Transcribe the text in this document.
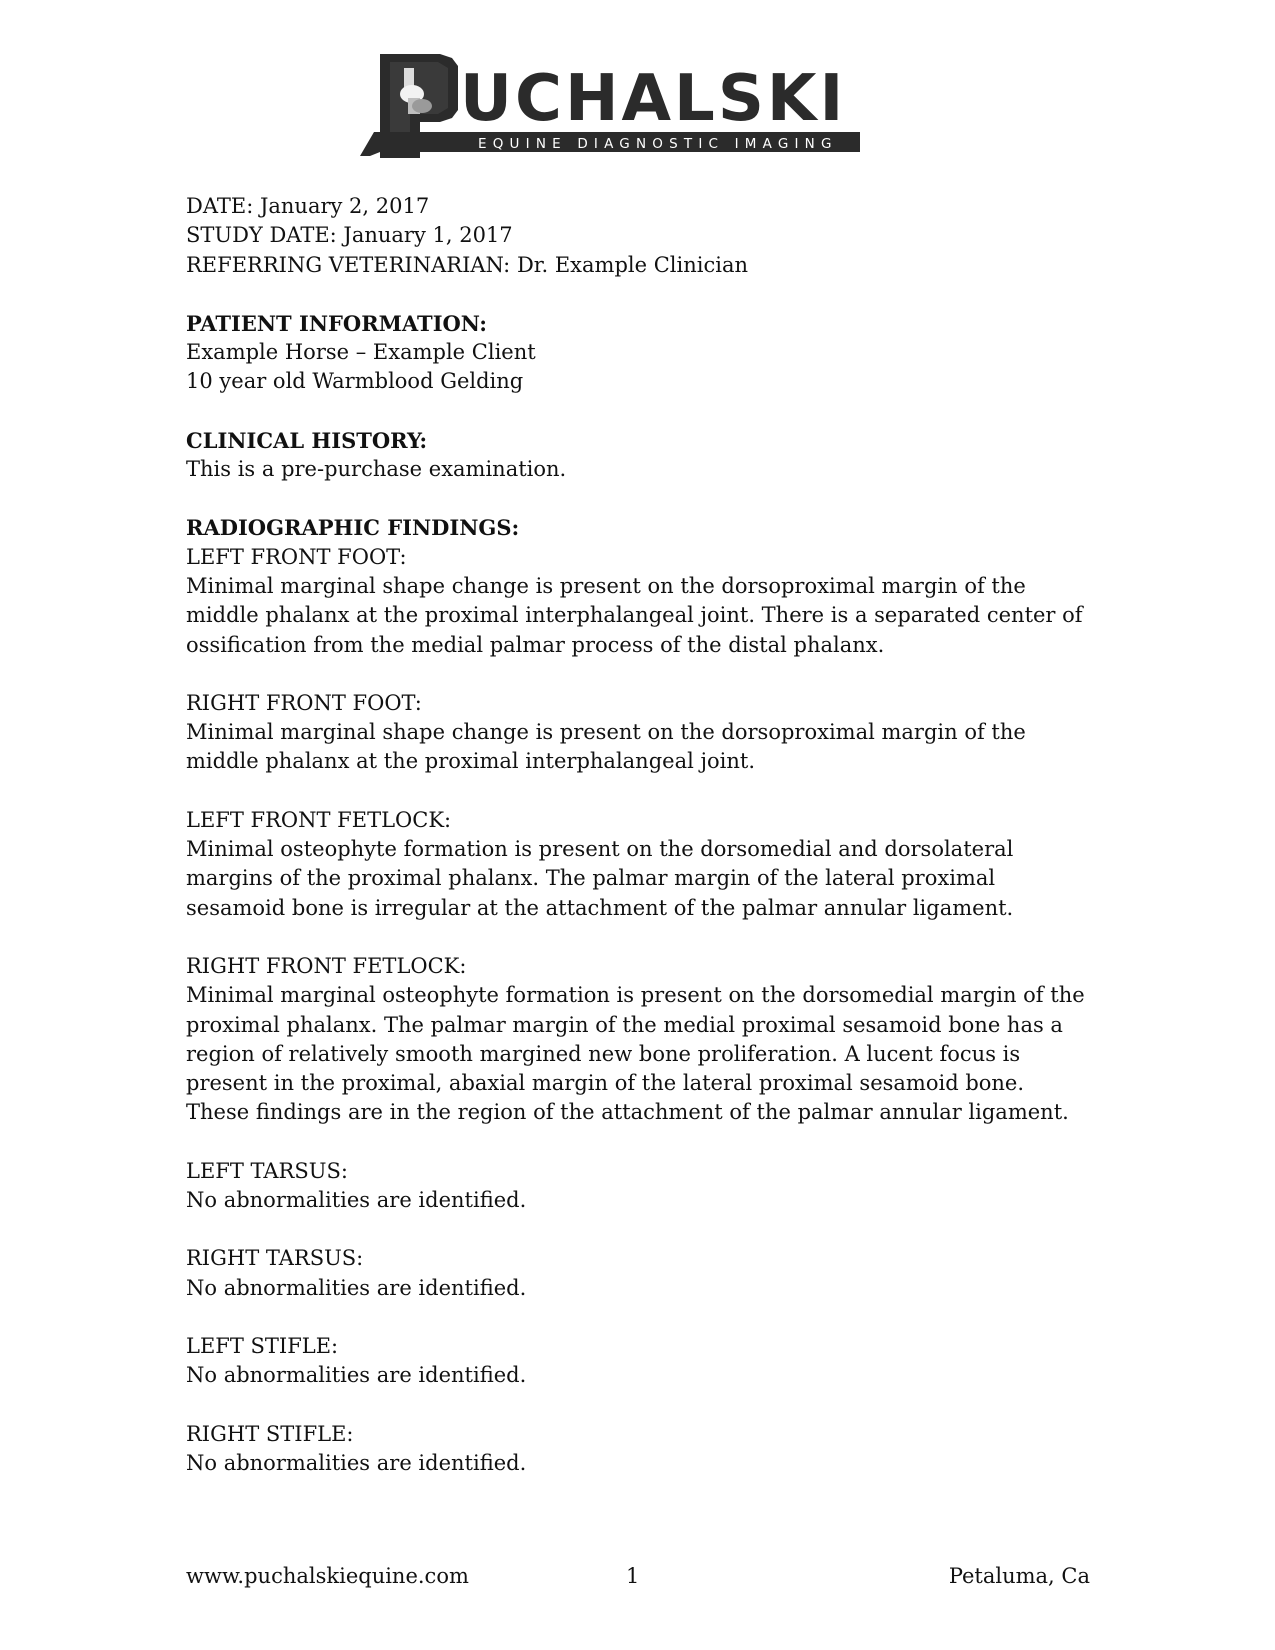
UCHALSKI
EQUINE DIAGNOSTIC IMAGING
DATE: January 2, 2017
STUDY DATE: January 1, 2017
REFERRING VETERINARIAN: Dr. Example Clinician
PATIENT INFORMATION:
Example Horse – Example Client
10 year old Warmblood Gelding
CLINICAL HISTORY:
This is a pre-purchase examination.
RADIOGRAPHIC FINDINGS:
LEFT FRONT FOOT:
Minimal marginal shape change is present on the dorsoproximal margin of the
middle phalanx at the proximal interphalangeal joint. There is a separated center of
ossification from the medial palmar process of the distal phalanx.
RIGHT FRONT FOOT:
Minimal marginal shape change is present on the dorsoproximal margin of the
middle phalanx at the proximal interphalangeal joint.
LEFT FRONT FETLOCK:
Minimal osteophyte formation is present on the dorsomedial and dorsolateral
margins of the proximal phalanx. The palmar margin of the lateral proximal
sesamoid bone is irregular at the attachment of the palmar annular ligament.
RIGHT FRONT FETLOCK:
Minimal marginal osteophyte formation is present on the dorsomedial margin of the
proximal phalanx. The palmar margin of the medial proximal sesamoid bone has a
region of relatively smooth margined new bone proliferation. A lucent focus is
present in the proximal, abaxial margin of the lateral proximal sesamoid bone.
These findings are in the region of the attachment of the palmar annular ligament.
LEFT TARSUS:
No abnormalities are identified.
RIGHT TARSUS:
No abnormalities are identified.
LEFT STIFLE:
No abnormalities are identified.
RIGHT STIFLE:
No abnormalities are identified.
www.puchalskiequine.com	1	Petaluma, Ca
